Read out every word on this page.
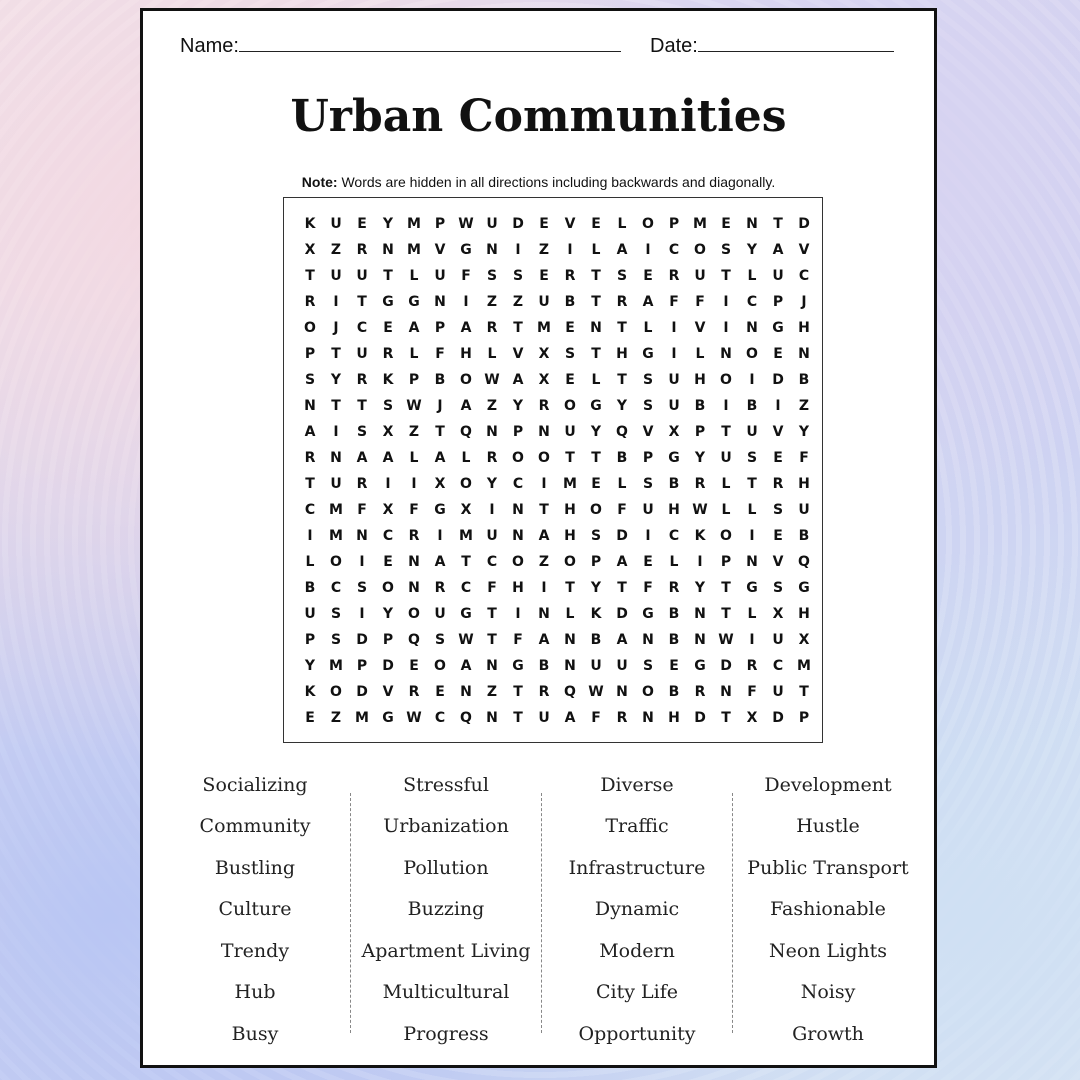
Name:	Date:
Urban Communities
Note: Words are hidden in all directions including backwards and diagonally.
K	U	E	Y M P W U	D	E	V	E	L	O	P M	E	N	T	D
X	Z	R	N M V	G	N	I	Z	I	L	A	I	C	O	S	Y	A	V
T	U	U	T	L	U	F	S	S	E	R	T	S	E	R	U	T	L	U	C
R	I	T	G	G	N	I	Z	Z	U	B	T	R	A	F	F	I	C	P	J
O	J	C	E	A	P	A	R	T	M	E	N	T	L	I	V	I	N	G	H
P	T	U	R	L	F	H	L	V	X	S	T	H	G	I	L	N	O	E	N
S	Y	R	K	P	B	O W A	X	E	L	T	S	U	H	O	I	D	B
N	T	T	S W	J	A	Z	Y	R	O	G	Y	S	U	B	I	B	I	Z
A	I	S	X	Z	T	Q	N	P	N	U	Y	Q	V	X	P	T	U	V	Y
R	N	A	A	L	A	L	R	O	O	T	T	B	P	G	Y	U	S	E	F
T	U	R	I	I	X	O	Y	C	I	M	E	L	S	B	R	L	T	R	H
C M	F	X	F	G	X	I	N	T	H	O	F	U	H W L	L	S	U
I	M N	C	R	I	M U	N	A	H	S	D	I	C	K	O	I	E	B
L	O	I	E	N	A	T	C	O	Z	O	P	A	E	L	I	P	N	V	Q
B	C	S	O	N	R	C	F	H	I	T	Y	T	F	R	Y	T	G	S	G
U	S	I	Y	O	U	G	T	I	N	L	K	D	G	B	N	T	L	X	H
P	S	D	P	Q	S W T	F	A	N	B	A	N	B	N W	I	U	X
Y M P	D	E	O	A	N	G	B	N	U	U	S	E	G	D	R	C M
K	O	D	V	R	E	N	Z	T	R	Q W N	O	B	R	N	F	U	T
E	Z M G W C	Q	N	T	U	A	F	R	N	H	D	T	X	D	P
Socializing
Community
Bustling
Culture
Trendy
Hub
Busy
Stressful
Urbanization
Pollution
Buzzing
Apartment Living
Multicultural
Progress
Diverse
Traffic
Infrastructure
Dynamic
Modern
City Life
Opportunity
Development
Hustle
Public Transport
Fashionable
Neon Lights
Noisy
Growth
